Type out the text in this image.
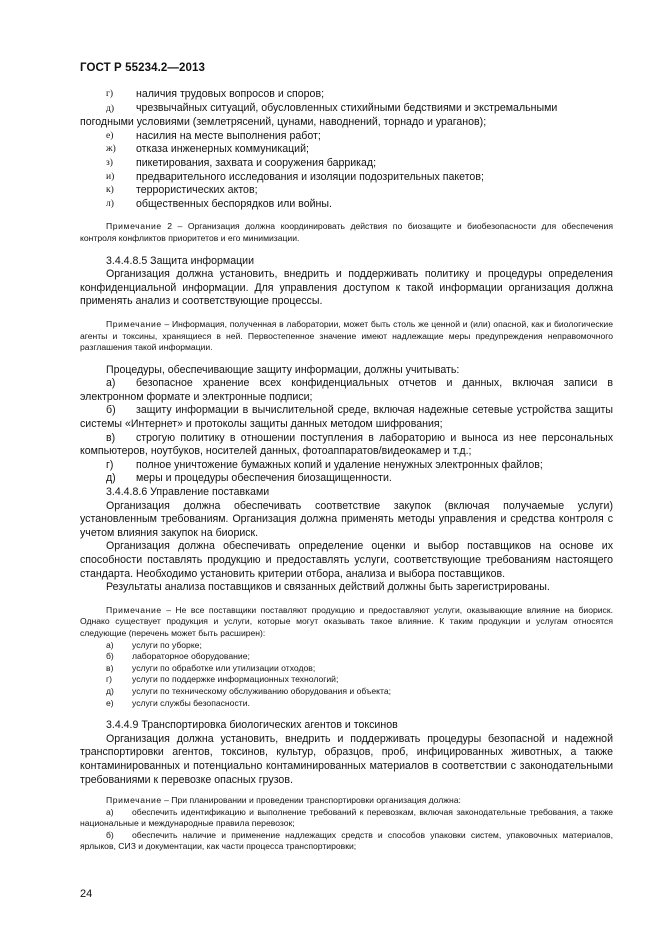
ГОСТ Р 55234.2—2013
г)	наличия трудовых вопросов и споров;

д) чрезвычайных ситуаций, обусловленных стихийными бедствиями и экстремальными погодными условиями (землетрясений, цунами, наводнений, торнадо и ураганов);

е)	насилия на месте выполнения работ;
ж)	отказа инженерных коммуникаций;
з)	пикетирования, захвата и сооружения баррикад;
и)	предварительного исследования и изоляции подозрительных пакетов;
к)	террористических актов;
л)	общественных беспорядков или войны.

Примечание 2 – Организация должна координировать действия по биозащите и биобезопасности для обеспечения контроля конфликтов приоритетов и его минимизации.

3.4.4.8.5 Защита информации

Организация должна установить, внедрить и поддерживать политику и процедуры определения конфиденциальной информации. Для управления доступом к такой информации организация должна применять анализ и соответствующие процессы.

Примечание – Информация, полученная в лаборатории, может быть столь же ценной и (или) опасной, как и биологические агенты и токсины, хранящиеся в ней. Первостепенное значение имеют надлежащие меры предупреждения неправомочного разглашения такой информации.

Процедуры, обеспечивающие защиту информации, должны учитывать:

а) безопасное хранение всех конфиденциальных отчетов и данных, включая записи в электронном формате и электронные подписи;

б) защиту информации в вычислительной среде, включая надежные сетевые устройства защиты системы «Интернет» и протоколы защиты данных методом шифрования;

в) строгую политику в отношении поступления в лабораторию и выноса из нее персональных компьютеров, ноутбуков, носителей данных, фотоаппаратов/видеокамер и т.д.;

г) полное уничтожение бумажных копий и удаление ненужных электронных файлов;

д) меры и процедуры обеспечения биозащищенности.

3.4.4.8.6 Управление поставками

Организация должна обеспечивать соответствие закупок (включая получаемые услуги) установленным требованиям. Организация должна применять методы управления и средства контроля с учетом влияния закупок на биориск.

Организация должна обеспечивать определение оценки и выбор поставщиков на основе их способности поставлять продукцию и предоставлять услуги, соответствующие требованиям настоящего стандарта. Необходимо установить критерии отбора, анализа и выбора поставщиков.

Результаты анализа поставщиков и связанных действий должны быть зарегистрированы.

Примечание – Не все поставщики поставляют продукцию и предоставляют услуги, оказывающие влияние на биориск. Однако существует продукция и услуги, которые могут оказывать такое влияние. К таким продукции и услугам относятся следующие (перечень может быть расширен):

а)	услуги по уборке;
б)	лабораторное оборудование;
в)	услуги по обработке или утилизации отходов;
г)	услуги по поддержке информационных технологий;
д)	услуги по техническому обслуживанию оборудования и объекта;
е)	услуги службы безопасности.

3.4.4.9 Транспортировка биологических агентов и токсинов

Организация должна установить, внедрить и поддерживать процедуры безопасной и надежной транспортировки агентов, токсинов, культур, образцов, проб, инфицированных животных, а также контаминированных и потенциально контаминированных материалов в соответствии с законодательными требованиями к перевозке опасных грузов.

Примечание – При планировании и проведении транспортировки организация должна:

а) обеспечить идентификацию и выполнение требований к перевозкам, включая законодательные требования, а также национальные и международные правила перевозок;

б) обеспечить наличие и применение надлежащих средств и способов упаковки систем, упаковочных материалов, ярлыков, СИЗ и документации, как части процесса транспортировки;

24
